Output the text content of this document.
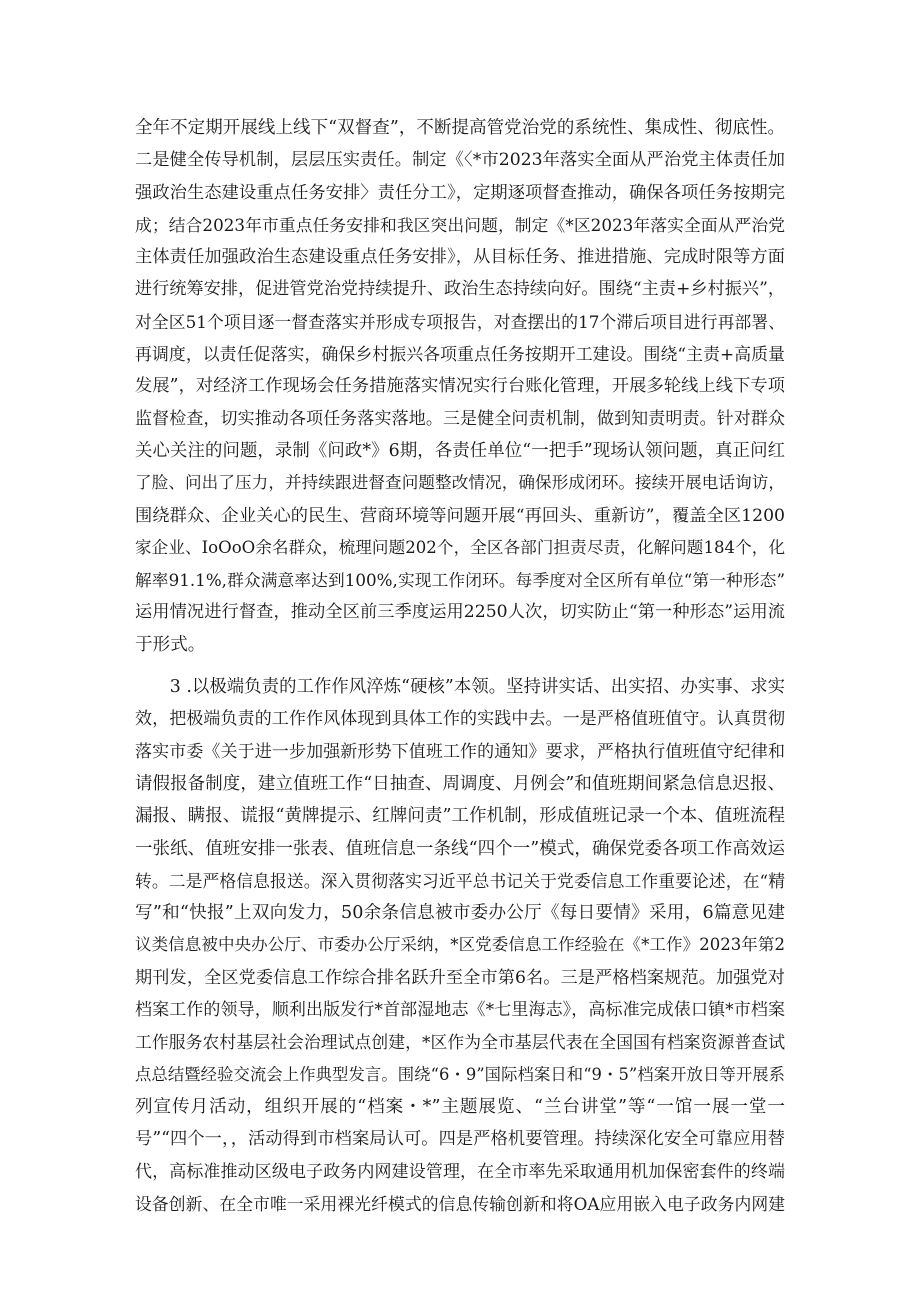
全年不定期开展线上线下“双督查”，不断提高管党治党的系统性、集成性、彻底性。
二是健全传导机制，层层压实责任。制定《〈*市2023年落实全面从严治党主体责任加
强政治生态建设重点任务安排〉责任分工》，定期逐项督查推动，确保各项任务按期完
成；结合2023年市重点任务安排和我区突出问题，制定《*区2023年落实全面从严治党
主体责任加强政治生态建设重点任务安排》，从目标任务、推进措施、完成时限等方面
进行统筹安排，促进管党治党持续提升、政治生态持续向好。围绕“主责+乡村振兴”，
对全区51个项目逐一督查落实并形成专项报告，对查摆出的17个滞后项目进行再部署、
再调度，以责任促落实，确保乡村振兴各项重点任务按期开工建设。围绕“主责+高质量
发展”，对经济工作现场会任务措施落实情况实行台账化管理，开展多轮线上线下专项
监督检查，切实推动各项任务落实落地。三是健全问责机制，做到知责明责。针对群众
关心关注的问题，录制《问政*》6期，各责任单位“一把手”现场认领问题，真正问红
了脸、问出了压力，并持续跟进督查问题整改情况，确保形成闭环。接续开展电话询访，
围绕群众、企业关心的民生、营商环境等问题开展“再回头、重新访”，覆盖全区1200
家企业、IoOoO余名群众，梳理问题202个，全区各部门担责尽责，化解问题184个，化
解率91.1%,群众满意率达到100%,实现工作闭环。每季度对全区所有单位“第一种形态”
运用情况进行督查，推动全区前三季度运用2250人次，切实防止“第一种形态”运用流
于形式。
3 .以极端负责的工作作风淬炼“硬核”本领。坚持讲实话、出实招、办实事、求实
效，把极端负责的工作作风体现到具体工作的实践中去。一是严格值班值守。认真贯彻
落实市委《关于进一步加强新形势下值班工作的通知》要求，严格执行值班值守纪律和
请假报备制度，建立值班工作“日抽查、周调度、月例会”和值班期间紧急信息迟报、
漏报、瞒报、谎报“黄牌提示、红牌问责”工作机制，形成值班记录一个本、值班流程
一张纸、值班安排一张表、值班信息一条线“四个一”模式，确保党委各项工作高效运
转。二是严格信息报送。深入贯彻落实习近平总书记关于党委信息工作重要论述，在“精
写”和“快报”上双向发力，50余条信息被市委办公厅《每日要情》采用，6篇意见建
议类信息被中央办公厅、市委办公厅采纳，*区党委信息工作经验在《*工作》2023年第2
期刊发，全区党委信息工作综合排名跃升至全市第6名。三是严格档案规范。加强党对
档案工作的领导，顺利出版发行*首部湿地志《*七里海志》，高标准完成俵口镇*市档案
工作服务农村基层社会治理试点创建，*区作为全市基层代表在全国国有档案资源普查试
点总结暨经验交流会上作典型发言。围绕“6・9”国际档案日和“9・5”档案开放日等开展系
列宣传月活动，组织开展的“档案・*”主题展览、“兰台讲堂”等“一馆一展一堂一
号”“四个一，，活动得到市档案局认可。四是严格机要管理。持续深化安全可靠应用替
代，高标准推动区级电子政务内网建设管理，在全市率先采取通用机加保密套件的终端
设备创新、在全市唯一采用裸光纤模式的信息传输创新和将OA应用嵌入电子政务内网建
